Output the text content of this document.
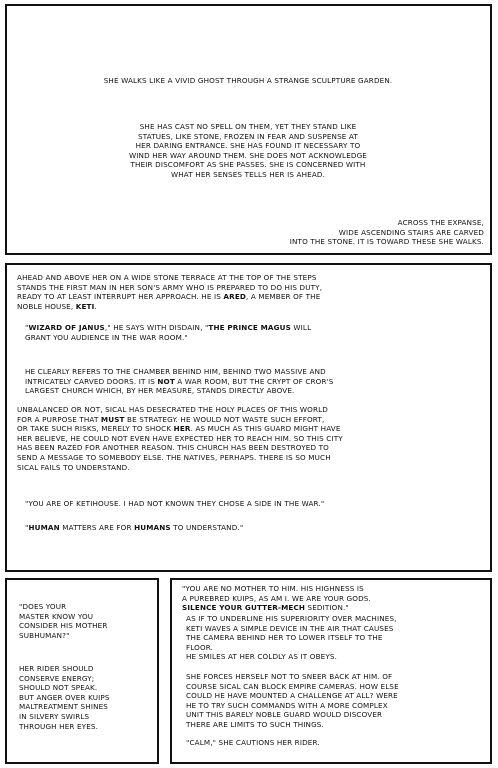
SHE WALKS LIKE A VIVID GHOST THROUGH A STRANGE SCULPTURE GARDEN.

SHE HAS CAST NO SPELL ON THEM, YET THEY STAND LIKE
STATUES, LIKE STONE, FROZEN IN FEAR AND SUSPENSE AT
HER DARING ENTRANCE. SHE HAS FOUND IT NECESSARY TO
WIND HER WAY AROUND THEM. SHE DOES NOT ACKNOWLEDGE
THEIR DISCOMFORT AS SHE PASSES. SHE IS CONCERNED WITH
WHAT HER SENSES TELLS HER IS AHEAD.

ACROSS THE EXPANSE,
WIDE ASCENDING STAIRS ARE CARVED
INTO THE STONE. IT IS TOWARD THESE SHE WALKS.

AHEAD AND ABOVE HER ON A WIDE STONE TERRACE AT THE TOP OF THE STEPS
STANDS THE FIRST MAN IN HER SON'S ARMY WHO IS PREPARED TO DO HIS DUTY,
READY TO AT LEAST INTERRUPT HER APPROACH. HE IS ARED, A MEMBER OF THE
NOBLE HOUSE, KETI.

"WIZARD OF JANUS," HE SAYS WITH DISDAIN, "THE PRINCE MAGUS WILL
GRANT YOU AUDIENCE IN THE WAR ROOM."

HE CLEARLY REFERS TO THE CHAMBER BEHIND HIM, BEHIND TWO MASSIVE AND
INTRICATELY CARVED DOORS. IT IS NOT A WAR ROOM, BUT THE CRYPT OF CROR'S
LARGEST CHURCH WHICH, BY HER MEASURE, STANDS DIRECTLY ABOVE.

UNBALANCED OR NOT, SICAL HAS DESECRATED THE HOLY PLACES OF THIS WORLD
FOR A PURPOSE THAT MUST BE STRATEGY. HE WOULD NOT WASTE SUCH EFFORT,
OR TAKE SUCH RISKS, MERELY TO SHOCK HER. AS MUCH AS THIS GUARD MIGHT HAVE
HER BELIEVE, HE COULD NOT EVEN HAVE EXPECTED HER TO REACH HIM. SO THIS CITY
HAS BEEN RAZED FOR ANOTHER REASON. THIS CHURCH HAS BEEN DESTROYED TO
SEND A MESSAGE TO SOMEBODY ELSE. THE NATIVES, PERHAPS. THERE IS SO MUCH
SICAL FAILS TO UNDERSTAND.

"YOU ARE OF KETIHOUSE. I HAD NOT KNOWN THEY CHOSE A SIDE IN THE WAR."

"HUMAN MATTERS ARE FOR HUMANS TO UNDERSTAND."

"DOES YOUR
MASTER KNOW YOU
CONSIDER HIS MOTHER
SUBHUMAN?"

HER RIDER SHOULD
CONSERVE ENERGY;
SHOULD NOT SPEAK.
BUT ANGER OVER KUIPS
MALTREATMENT SHINES
IN SILVERY SWIRLS
THROUGH HER EYES.

"YOU ARE NO MOTHER TO HIM. HIS HIGHNESS IS
A PUREBRED KUIPS, AS AM I. WE ARE YOUR GODS.
SILENCE YOUR GUTTER-MECH SEDITION."

AS IF TO UNDERLINE HIS SUPERIORITY OVER MACHINES,
KETI WAVES A SIMPLE DEVICE IN THE AIR THAT CAUSES
THE CAMERA BEHIND HER TO LOWER ITSELF TO THE
FLOOR.
HE SMILES AT HER COLDLY AS IT OBEYS.

SHE FORCES HERSELF NOT TO SNEER BACK AT HIM. OF
COURSE SICAL CAN BLOCK EMPIRE CAMERAS. HOW ELSE
COULD HE HAVE MOUNTED A CHALLENGE AT ALL? WERE
HE TO TRY SUCH COMMANDS WITH A MORE COMPLEX
UNIT THIS BARELY NOBLE GUARD WOULD DISCOVER
THERE ARE LIMITS TO SUCH THINGS.

"CALM," SHE CAUTIONS HER RIDER.
